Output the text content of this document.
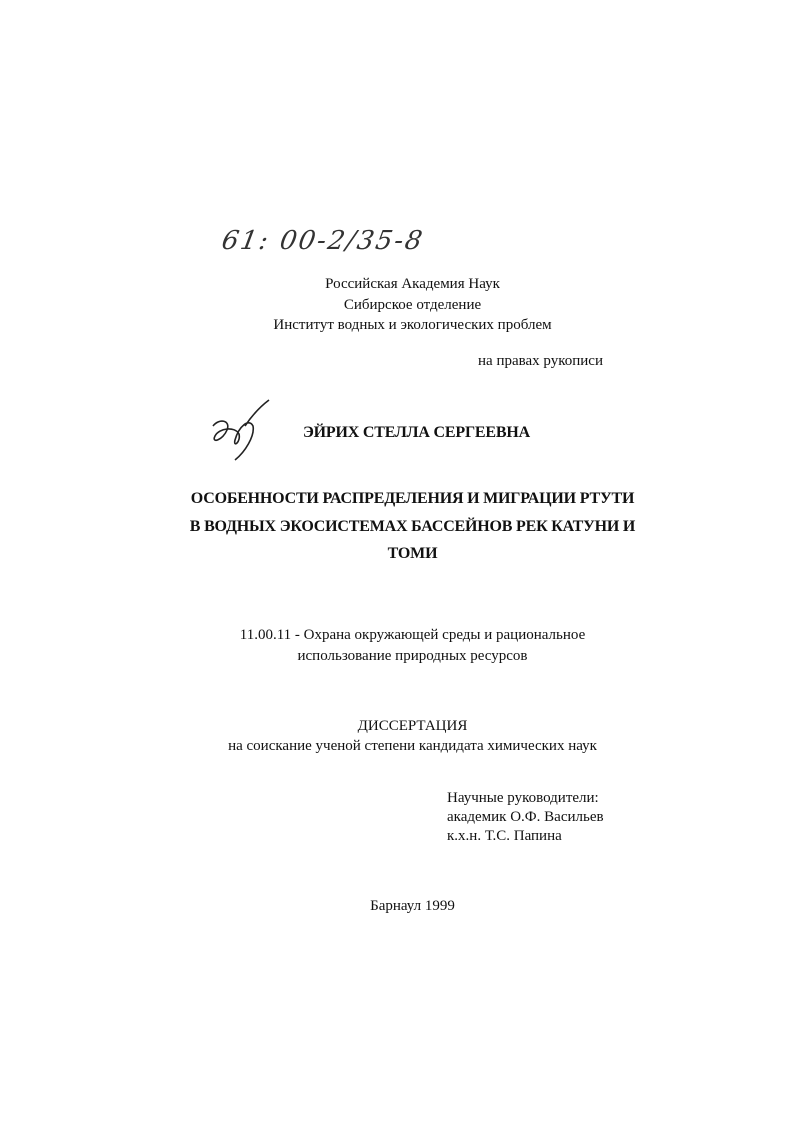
61: 00-2/35-8
Российская Академия Наук
Сибирское отделение
Институт водных и экологических проблем
на правах рукописи
ЭЙРИХ СТЕЛЛА СЕРГЕЕВНА
ОСОБЕННОСТИ РАСПРЕДЕЛЕНИЯ И МИГРАЦИИ РТУТИ
В ВОДНЫХ ЭКОСИСТЕМАХ БАССЕЙНОВ РЕК КАТУНИ И
ТОМИ
11.00.11 - Охрана окружающей среды и рациональное
использование природных ресурсов
ДИССЕРТАЦИЯ
на соискание ученой степени кандидата химических наук
Научные руководители:
академик О.Ф. Васильев
к.х.н. Т.С. Папина
Барнаул 1999
